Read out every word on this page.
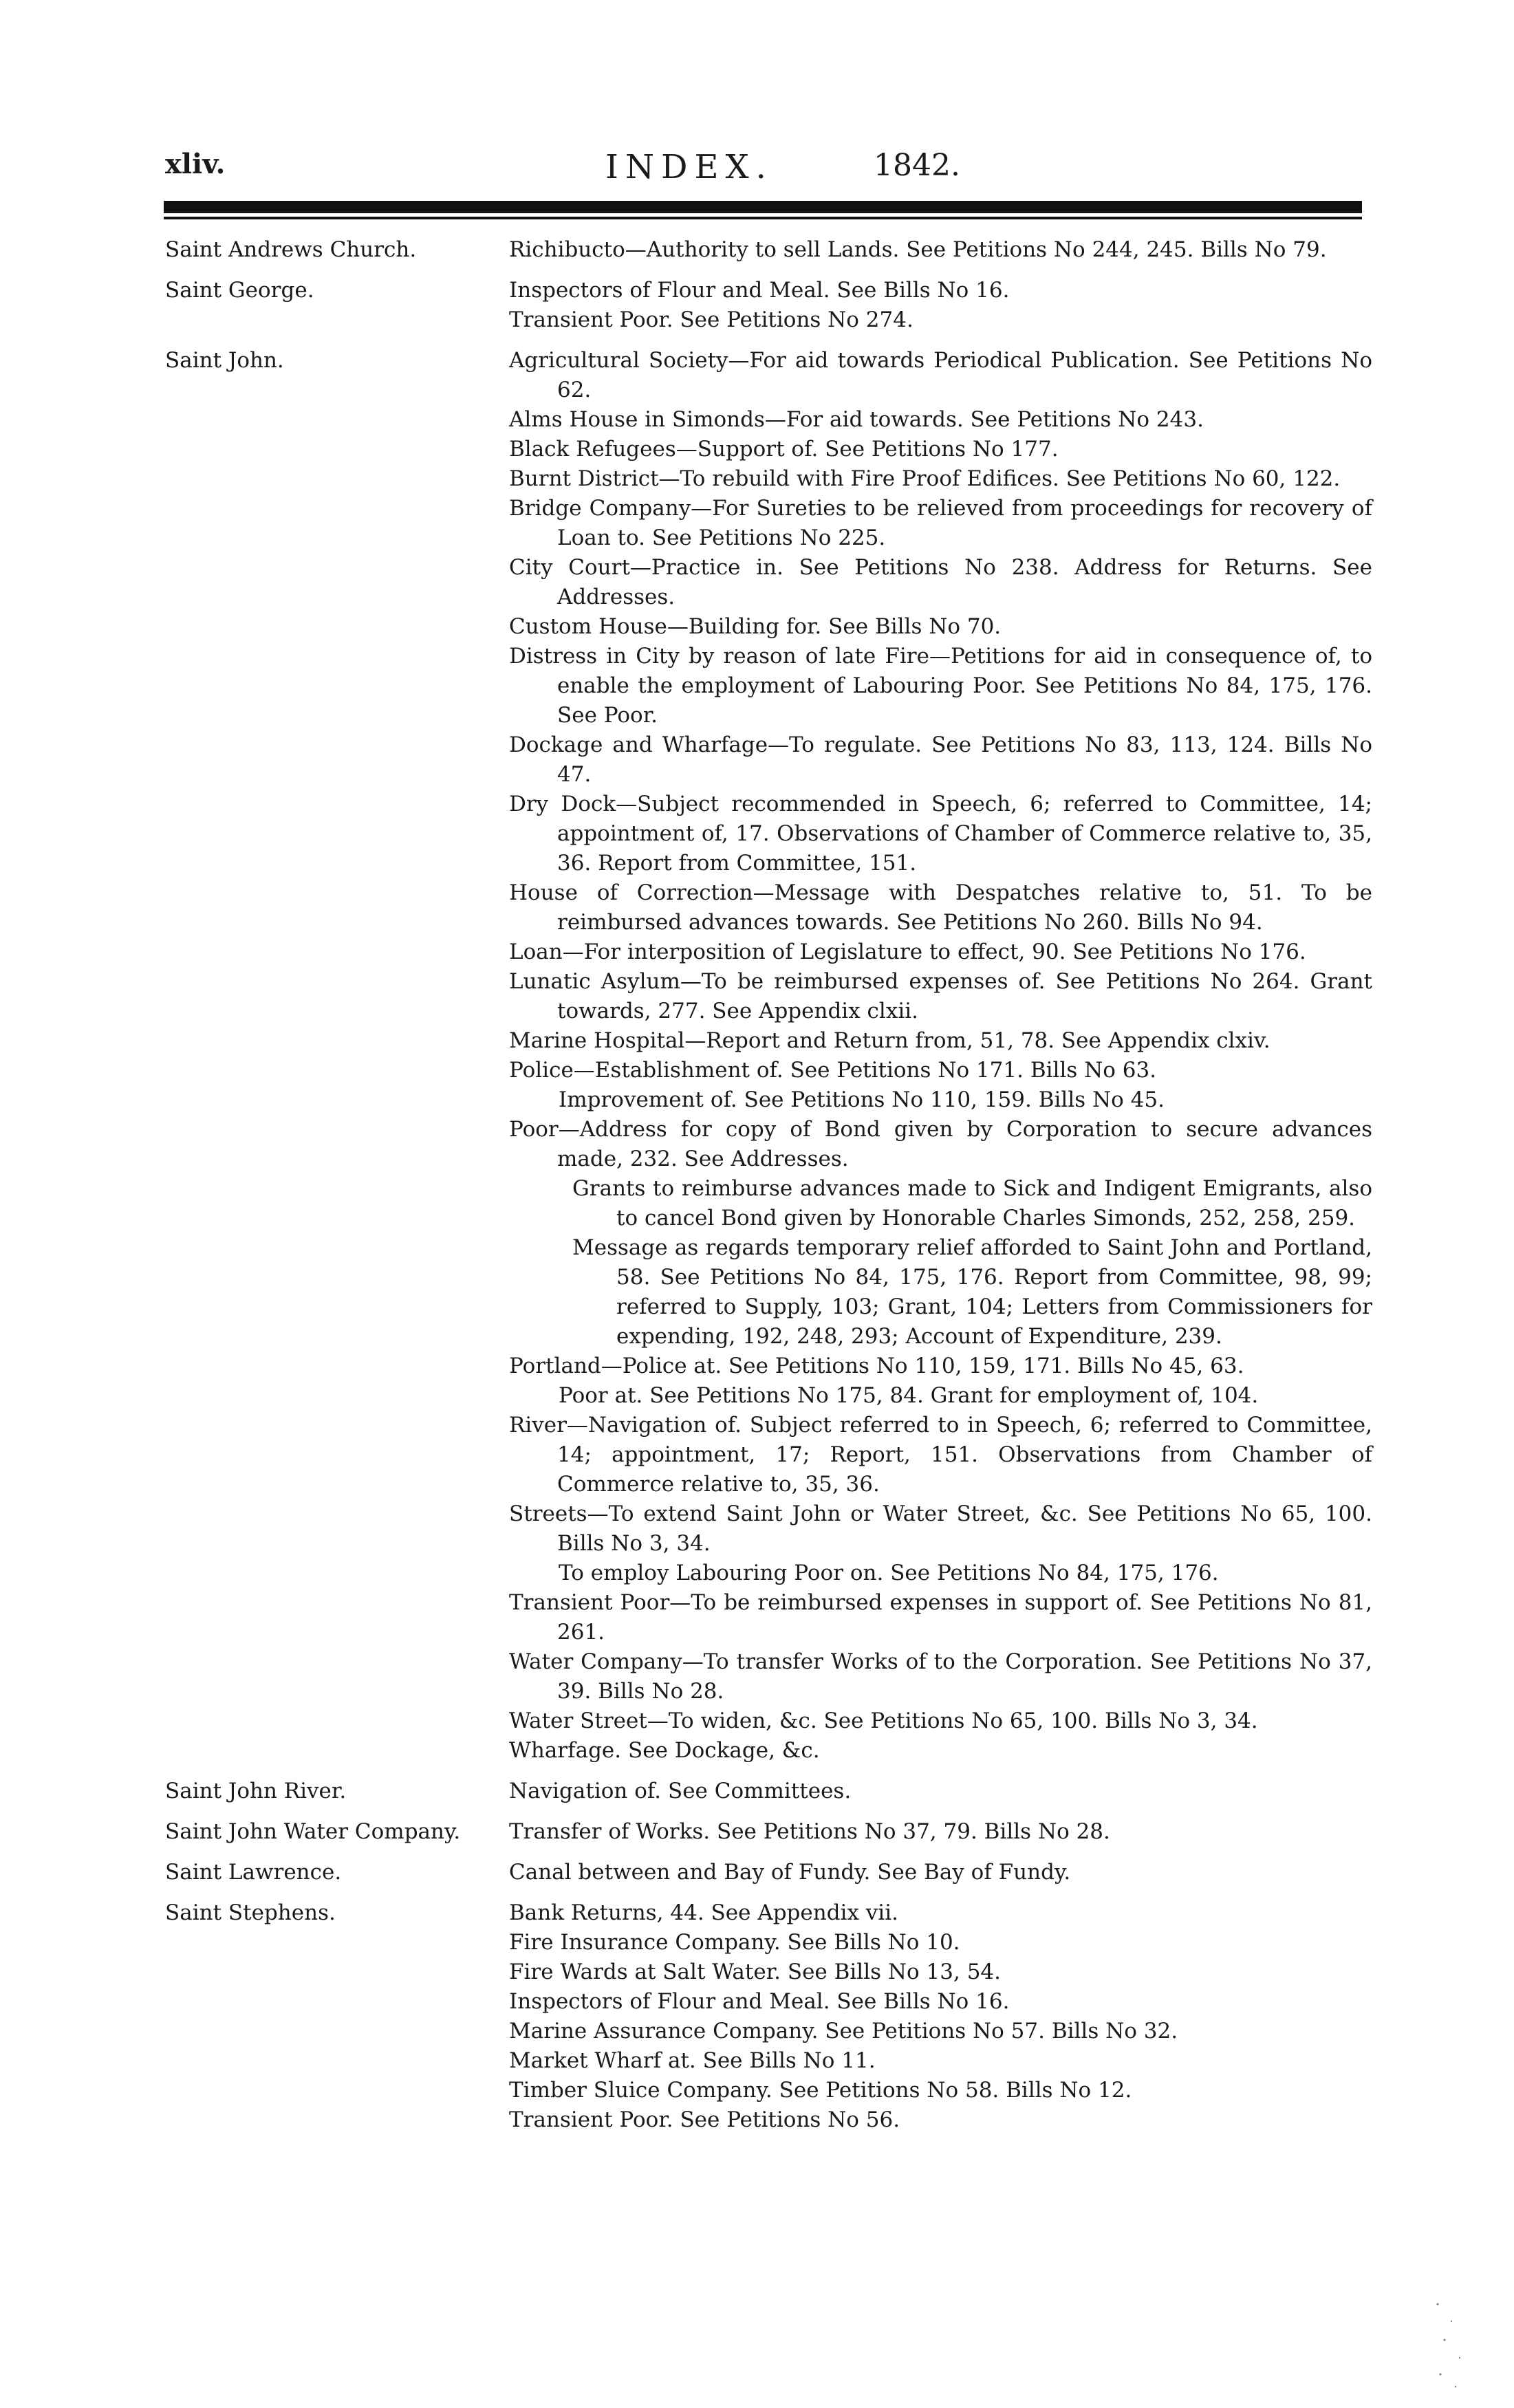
xliv.	INDEX.	1842.
Saint Andrews Church.	Richibucto—Authority to sell Lands. See Petitions No 244, 245. Bills No 79.
Saint George.	Inspectors of Flour and Meal. See Bills No 16.
Transient Poor. See Petitions No 274.
Saint John.	Agricultural Society—For aid towards Periodical Publication. See Petitions No 62.
Alms House in Simonds—For aid towards. See Petitions No 243.
Black Refugees—Support of. See Petitions No 177.
Burnt District—To rebuild with Fire Proof Edifices. See Petitions No 60, 122.
Bridge Company—For Sureties to be relieved from proceedings for recovery of Loan to. See Petitions No 225.
City Court—Practice in. See Petitions No 238. Address for Returns. See Addresses.
Custom House—Building for. See Bills No 70.
Distress in City by reason of late Fire—Petitions for aid in consequence of, to enable the employment of Labouring Poor. See Petitions No 84, 175, 176. See Poor.
Dockage and Wharfage—To regulate. See Petitions No 83, 113, 124. Bills No 47.
Dry Dock—Subject recommended in Speech, 6; referred to Committee, 14; appointment of, 17. Observations of Chamber of Commerce relative to, 35, 36. Report from Committee, 151.
House of Correction—Message with Despatches relative to, 51. To be reimbursed advances towards. See Petitions No 260. Bills No 94.
Loan—For interposition of Legislature to effect, 90. See Petitions No 176.
Lunatic Asylum—To be reimbursed expenses of. See Petitions No 264. Grant towards, 277. See Appendix clxii.
Marine Hospital—Report and Return from, 51, 78. See Appendix clxiv.
Police—Establishment of. See Petitions No 171. Bills No 63.
Improvement of. See Petitions No 110, 159. Bills No 45.
Poor—Address for copy of Bond given by Corporation to secure advances made, 232. See Addresses.
Grants to reimburse advances made to Sick and Indigent Emigrants, also to cancel Bond given by Honorable Charles Simonds, 252, 258, 259.
Message as regards temporary relief afforded to Saint John and Portland, 58. See Petitions No 84, 175, 176. Report from Committee, 98, 99; referred to Supply, 103; Grant, 104; Letters from Commissioners for expending, 192, 248, 293; Account of Expenditure, 239.
Portland—Police at. See Petitions No 110, 159, 171. Bills No 45, 63.
Poor at. See Petitions No 175, 84. Grant for employment of, 104.
River—Navigation of. Subject referred to in Speech, 6; referred to Committee, 14; appointment, 17; Report, 151. Observations from Chamber of Commerce relative to, 35, 36.
Streets—To extend Saint John or Water Street, &c. See Petitions No 65, 100. Bills No 3, 34.
To employ Labouring Poor on. See Petitions No 84, 175, 176.
Transient Poor—To be reimbursed expenses in support of. See Petitions No 81, 261.
Water Company—To transfer Works of to the Corporation. See Petitions No 37, 39. Bills No 28.
Water Street—To widen, &c. See Petitions No 65, 100. Bills No 3, 34.
Wharfage. See Dockage, &c.
Saint John River.	Navigation of. See Committees.
Saint John Water Company.	Transfer of Works. See Petitions No 37, 79. Bills No 28.
Saint Lawrence.	Canal between and Bay of Fundy. See Bay of Fundy.
Saint Stephens.	Bank Returns, 44. See Appendix vii.
Fire Insurance Company. See Bills No 10.
Fire Wards at Salt Water. See Bills No 13, 54.
Inspectors of Flour and Meal. See Bills No 16.
Marine Assurance Company. See Petitions No 57. Bills No 32.
Market Wharf at. See Bills No 11.
Timber Sluice Company. See Petitions No 58. Bills No 12.
Transient Poor. See Petitions No 56.
